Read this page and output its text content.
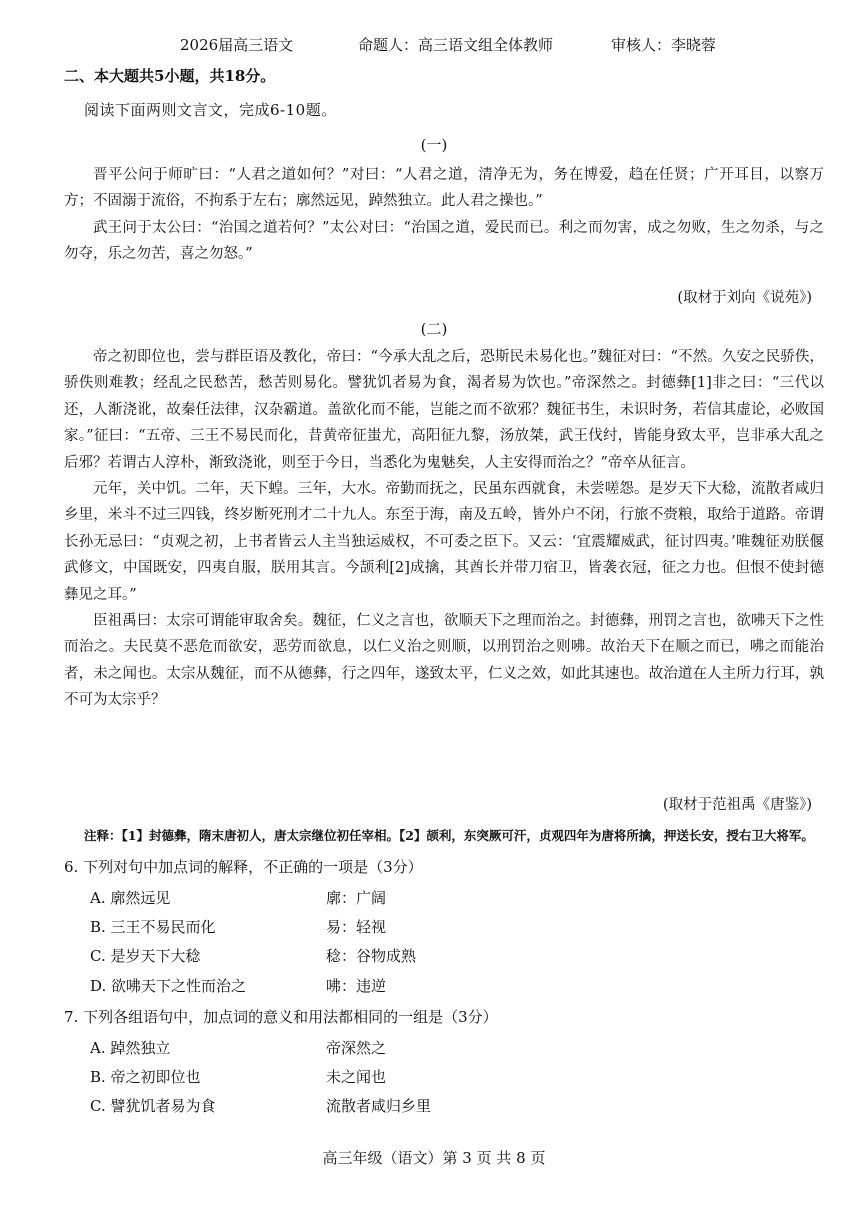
2026届高三语文	命题人：高三语文组全体教师	审核人：李晓蓉
二、本大题共5小题，共18分。
阅读下面两则文言文，完成6-10题。
(一)

晋平公问于师旷曰：“人君之道如何？”对曰：“人君之道，清净无为，务在博爱，趋在任贤；广开耳目，以察万方；不固溺于流俗，不拘系于左右；廓然远见，踔然独立。此人君之操也。”

武王问于太公曰：“治国之道若何？”太公对曰：“治国之道，爱民而已。利之而勿害，成之勿败，生之勿杀，与之勿夺，乐之勿苦，喜之勿怒。”

(取材于刘向《说苑》)
(二)

帝之初即位也，尝与群臣语及教化，帝曰：“今承大乱之后，恐斯民未易化也。”魏征对曰：“不然。久安之民骄佚，骄佚则难教；经乱之民愁苦，愁苦则易化。譬犹饥者易为食，渴者易为饮也。”帝深然之。封德彝[1]非之曰：“三代以还，人渐浇讹，故秦任法律，汉杂霸道。盖欲化而不能，岂能之而不欲邪？魏征书生，未识时务，若信其虚论，必败国家。”征曰：“五帝、三王不易民而化，昔黄帝征蚩尤，高阳征九黎，汤放桀，武王伐纣，皆能身致太平，岂非承大乱之后邪？若谓古人淳朴，渐致浇讹，则至于今日，当悉化为鬼魅矣，人主安得而治之？”帝卒从征言。

元年，关中饥。二年，天下蝗。三年，大水。帝勤而抚之，民虽东西就食，未尝嗟怨。是岁天下大稔，流散者咸归乡里，米斗不过三四钱，终岁断死刑才二十九人。东至于海，南及五岭，皆外户不闭，行旅不赍粮，取给于道路。帝谓长孙无忌曰：“贞观之初，上书者皆云人主当独运威权，不可委之臣下。又云：‘宜震耀威武，征讨四夷。’唯魏征劝朕偃武修文，中国既安，四夷自服，朕用其言。今颉利[2]成擒，其酋长并带刀宿卫，皆袭衣冠，征之力也。但恨不使封德彝见之耳。”

臣祖禹曰：太宗可谓能审取舍矣。魏征，仁义之言也，欲顺天下之理而治之。封德彝，刑罚之言也，欲咈天下之性而治之。夫民莫不恶危而欲安，恶劳而欲息，以仁义治之则顺，以刑罚治之则咈。故治天下在顺之而已，咈之而能治者，未之闻也。太宗从魏征，而不从德彝，行之四年，遂致太平，仁义之效，如此其速也。故治道在人主所力行耳，孰不可为太宗乎？

(取材于范祖禹《唐鉴》)
注释：【1】封德彝，隋末唐初人，唐太宗继位初任宰相。【2】颉利，东突厥可汗，贞观四年为唐将所擒，押送长安，授右卫大将军。
6. 下列对句中加点词的解释，不正确的一项是（3分）
A. 廓然远见	廓：广阔
B. 三王不易民而化	易：轻视
C. 是岁天下大稔	稔：谷物成熟
D. 欲咈天下之性而治之	咈：违逆
7. 下列各组语句中，加点词的意义和用法都相同的一组是（3分）
A. 踔然独立	帝深然之
B. 帝之初即位也	未之闻也
C. 譬犹饥者易为食	流散者咸归乡里
高三年级（语文）第 3 页 共 8 页
